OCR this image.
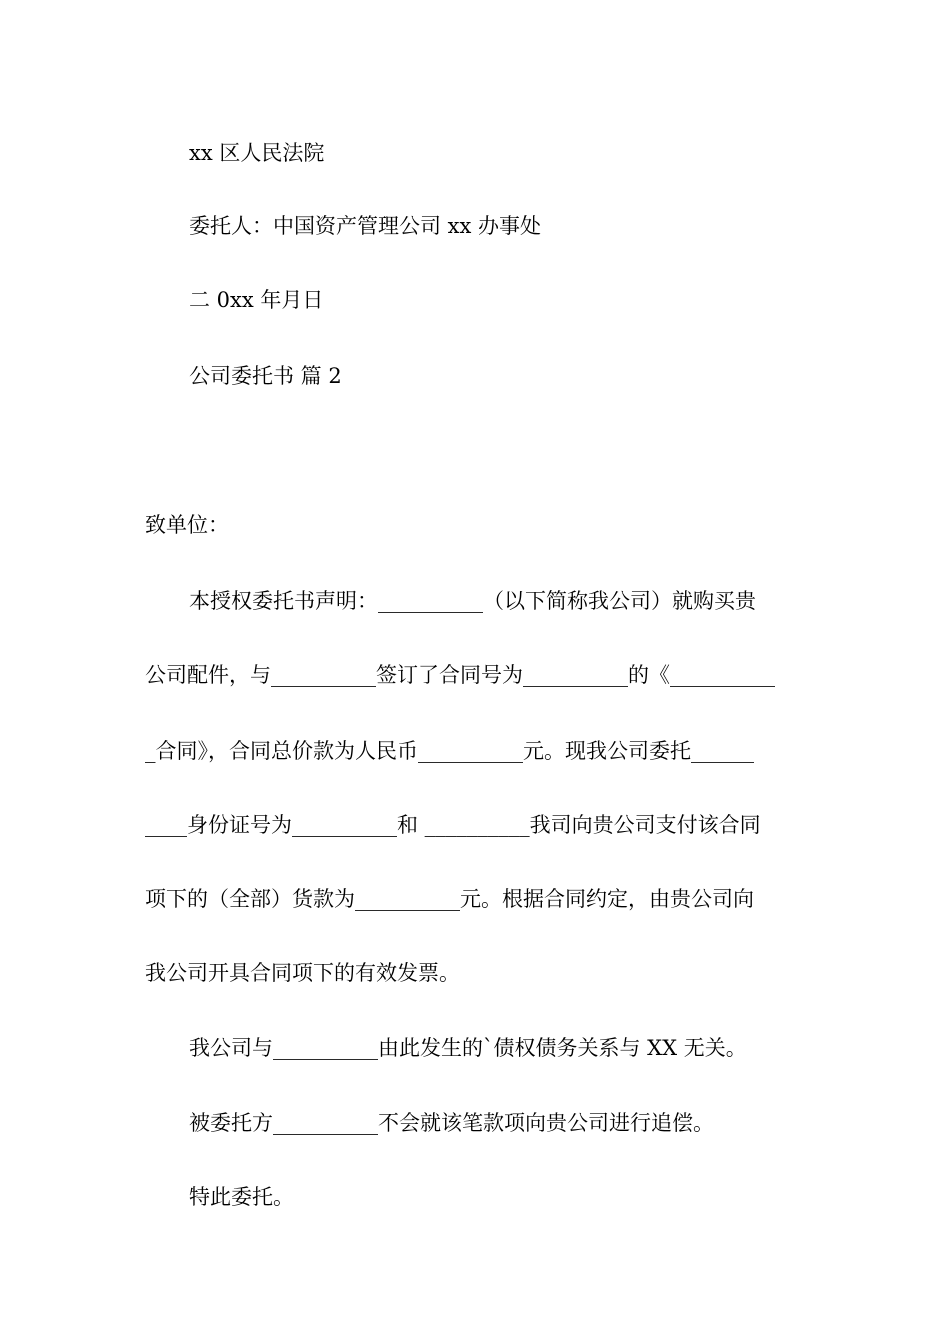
xx 区人民法院
委托人：中国资产管理公司 xx 办事处
二 0xx 年月日
公司委托书 篇 2
致单位：
本授权委托书声明：__________（以下简称我公司）就购买贵
公司配件，与__________签订了合同号为__________的《__________
_合同》，合同总价款为人民币__________元。现我公司委托______
____身份证号为__________和 __________我司向贵公司支付该合同
项下的（全部）货款为__________元。根据合同约定，由贵公司向
我公司开具合同项下的有效发票。
我公司与__________由此发生的`债权债务关系与 XX 无关。
被委托方__________不会就该笔款项向贵公司进行追偿。
特此委托。
